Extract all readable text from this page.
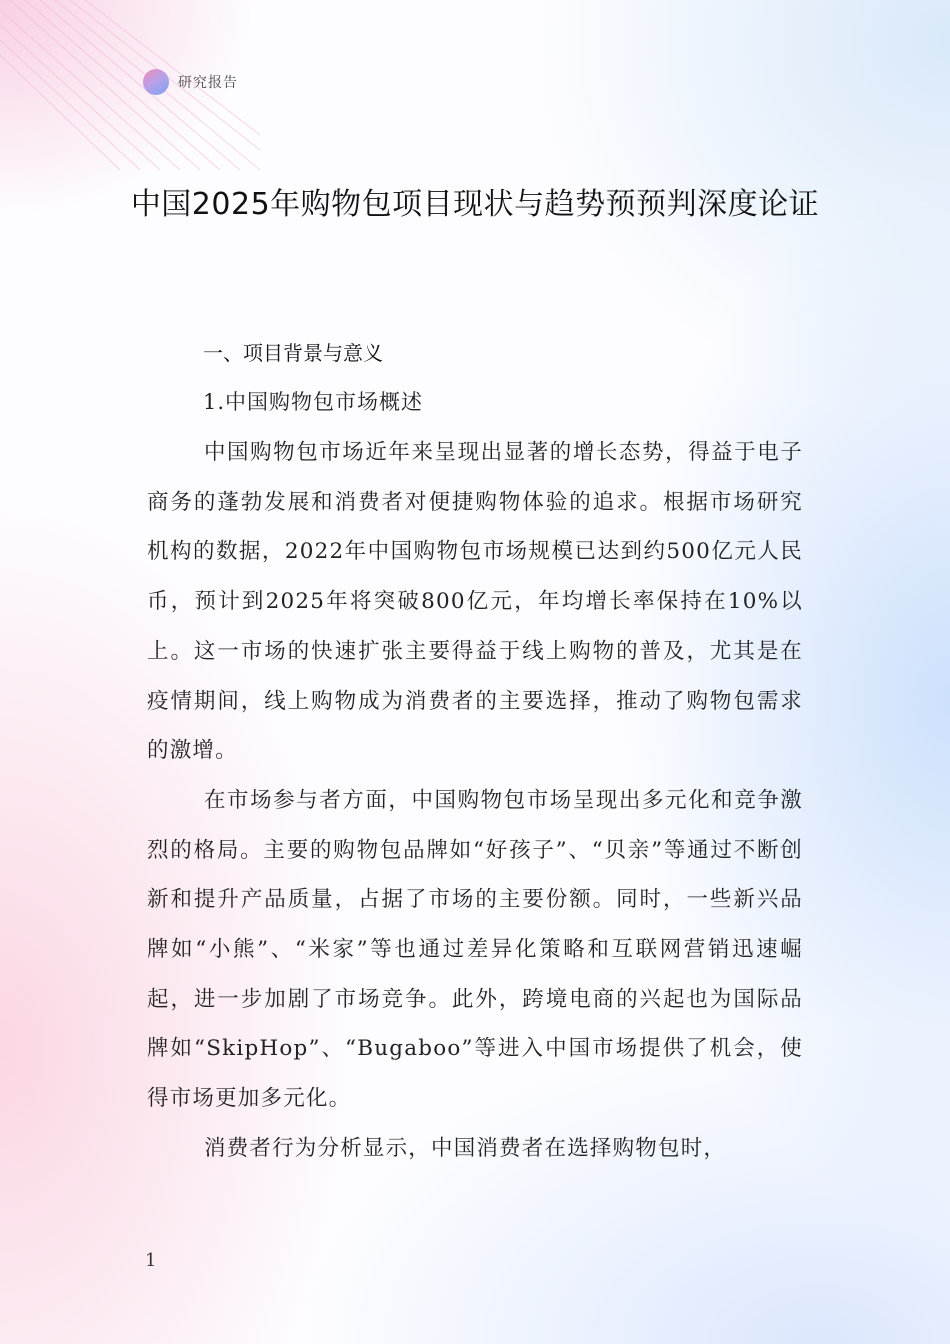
研究报告
中国2025年购物包项目现状与趋势预预判深度论证
一、项目背景与意义
1.中国购物包市场概述

中国购物包市场近年来呈现出显著的增长态势，得益于电子商务的蓬勃发展和消费者对便捷购物体验的追求。根据市场研究机构的数据，2022年中国购物包市场规模已达到约500亿元人民币，预计到2025年将突破800亿元，年均增长率保持在10%以上。这一市场的快速扩张主要得益于线上购物的普及，尤其是在疫情期间，线上购物成为消费者的主要选择，推动了购物包需求的激增。

在市场参与者方面，中国购物包市场呈现出多元化和竞争激烈的格局。主要的购物包品牌如“好孩子”、“贝亲”等通过不断创新和提升产品质量，占据了市场的主要份额。同时，一些新兴品牌如“小熊”、“米家”等也通过差异化策略和互联网营销迅速崛起，进一步加剧了市场竞争。此外，跨境电商的兴起也为国际品牌如“SkipHop”、“Bugaboo”等进入中国市场提供了机会，使得市场更加多元化。

消费者行为分析显示，中国消费者在选择购物包时，

1
